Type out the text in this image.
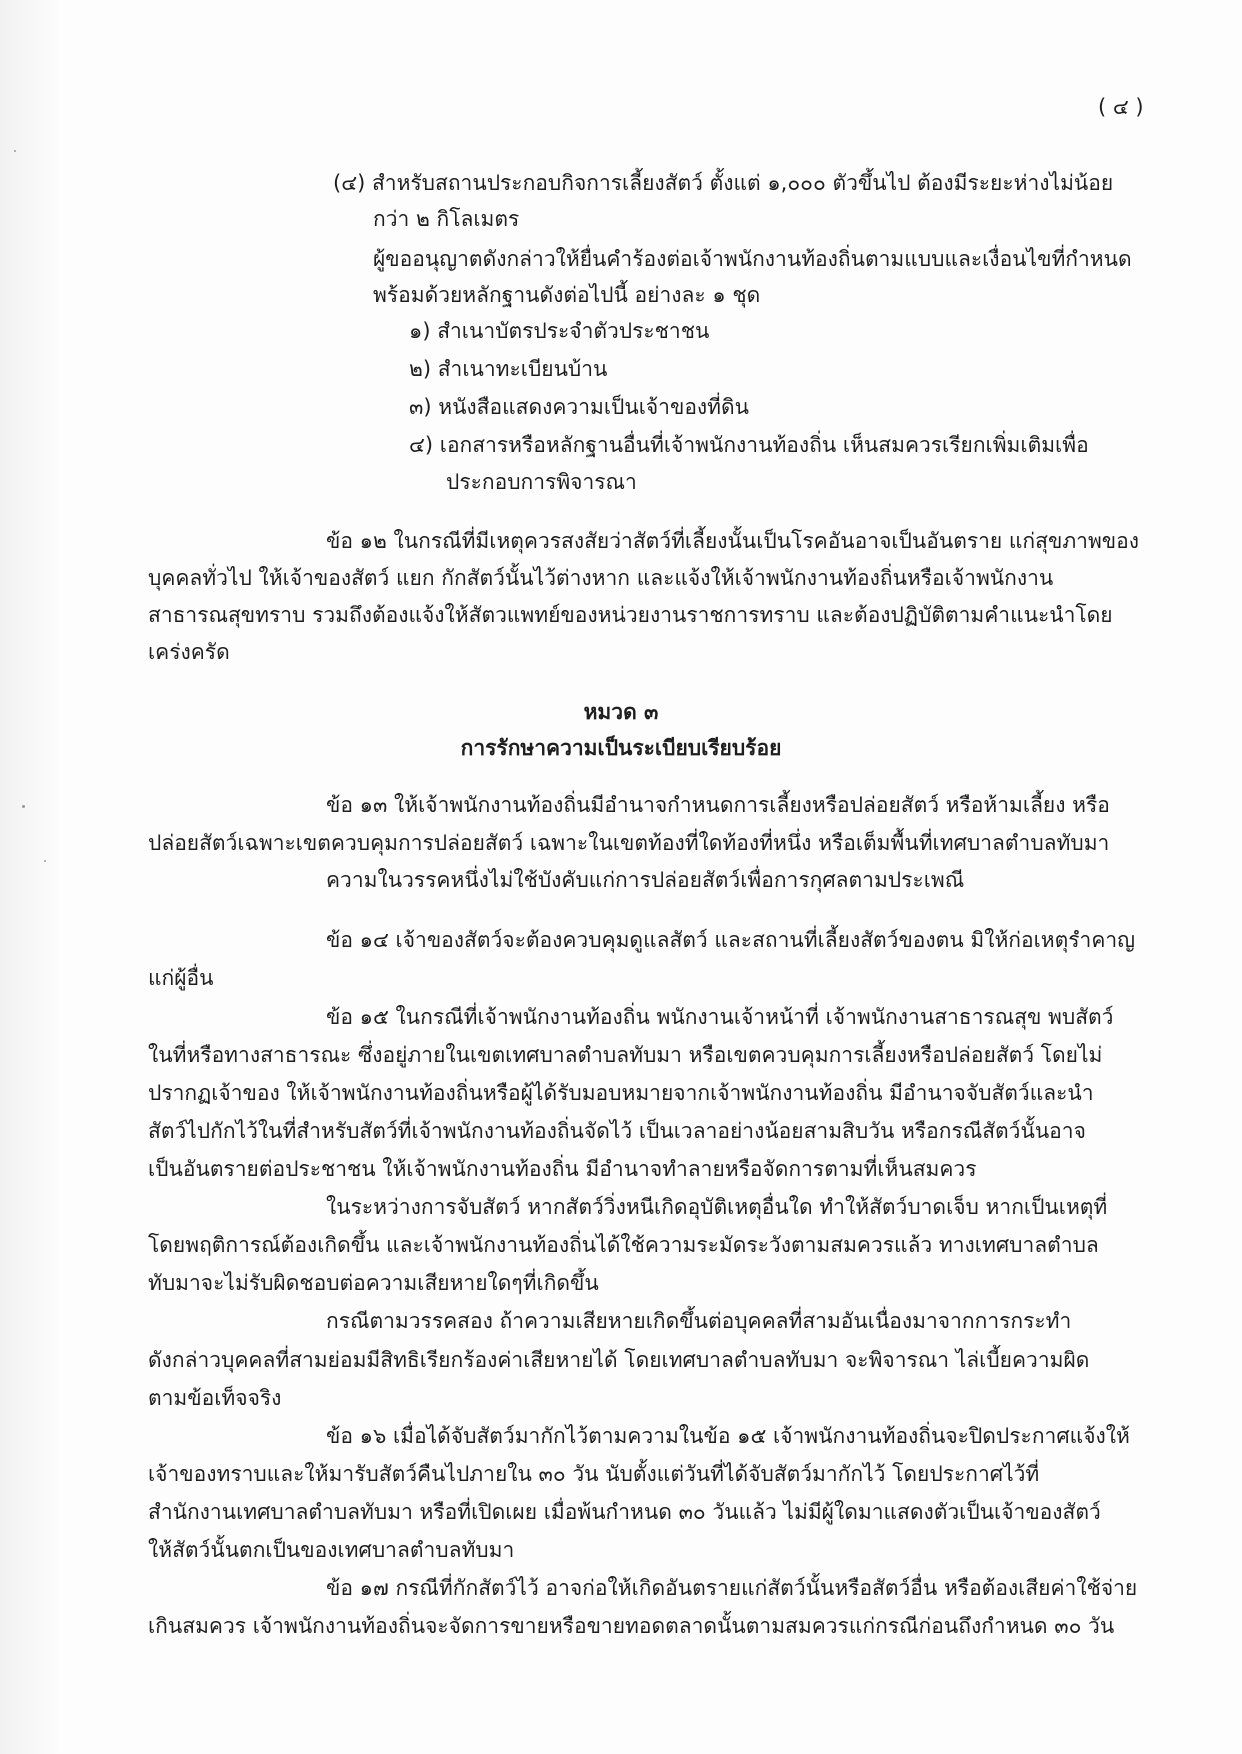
( ๔ )

(๔) สำหรับสถานประกอบกิจการเลี้ยงสัตว์ ตั้งแต่ ๑,๐๐๐ ตัวขึ้นไป ต้องมีระยะห่างไม่น้อย

กว่า ๒ กิโลเมตร

ผู้ขออนุญาตดังกล่าวให้ยื่นคำร้องต่อเจ้าพนักงานท้องถิ่นตามแบบและเงื่อนไขที่กำหนด

พร้อมด้วยหลักฐานดังต่อไปนี้ อย่างละ ๑ ชุด

๑) สำเนาบัตรประจำตัวประชาชน

๒) สำเนาทะเบียนบ้าน

๓) หนังสือแสดงความเป็นเจ้าของที่ดิน

๔) เอกสารหรือหลักฐานอื่นที่เจ้าพนักงานท้องถิ่น เห็นสมควรเรียกเพิ่มเติมเพื่อ

ประกอบการพิจารณา

ข้อ ๑๒ ในกรณีที่มีเหตุควรสงสัยว่าสัตว์ที่เลี้ยงนั้นเป็นโรคอันอาจเป็นอันตราย แก่สุขภาพของ

บุคคลทั่วไป ให้เจ้าของสัตว์ แยก กักสัตว์นั้นไว้ต่างหาก และแจ้งให้เจ้าพนักงานท้องถิ่นหรือเจ้าพนักงาน

สาธารณสุขทราบ รวมถึงต้องแจ้งให้สัตวแพทย์ของหน่วยงานราชการทราบ และต้องปฏิบัติตามคำแนะนำโดย

เคร่งครัด

หมวด ๓

การรักษาความเป็นระเบียบเรียบร้อย

ข้อ ๑๓ ให้เจ้าพนักงานท้องถิ่นมีอำนาจกำหนดการเลี้ยงหรือปล่อยสัตว์ หรือห้ามเลี้ยง หรือ

ปล่อยสัตว์เฉพาะเขตควบคุมการปล่อยสัตว์ เฉพาะในเขตท้องที่ใดท้องที่หนึ่ง หรือเต็มพื้นที่เทศบาลตำบลทับมา

ความในวรรคหนึ่งไม่ใช้บังคับแก่การปล่อยสัตว์เพื่อการกุศลตามประเพณี

ข้อ ๑๔ เจ้าของสัตว์จะต้องควบคุมดูแลสัตว์ และสถานที่เลี้ยงสัตว์ของตน มิให้ก่อเหตุรำคาญ

แก่ผู้อื่น

ข้อ ๑๕ ในกรณีที่เจ้าพนักงานท้องถิ่น พนักงานเจ้าหน้าที่ เจ้าพนักงานสาธารณสุข พบสัตว์

ในที่หรือทางสาธารณะ ซึ่งอยู่ภายในเขตเทศบาลตำบลทับมา หรือเขตควบคุมการเลี้ยงหรือปล่อยสัตว์ โดยไม่

ปรากฏเจ้าของ ให้เจ้าพนักงานท้องถิ่นหรือผู้ได้รับมอบหมายจากเจ้าพนักงานท้องถิ่น มีอำนาจจับสัตว์และนำ

สัตว์ไปกักไว้ในที่สำหรับสัตว์ที่เจ้าพนักงานท้องถิ่นจัดไว้ เป็นเวลาอย่างน้อยสามสิบวัน หรือกรณีสัตว์นั้นอาจ

เป็นอันตรายต่อประชาชน ให้เจ้าพนักงานท้องถิ่น มีอำนาจทำลายหรือจัดการตามที่เห็นสมควร

ในระหว่างการจับสัตว์ หากสัตว์วิ่งหนีเกิดอุบัติเหตุอื่นใด ทำให้สัตว์บาดเจ็บ หากเป็นเหตุที่

โดยพฤติการณ์ต้องเกิดขึ้น และเจ้าพนักงานท้องถิ่นได้ใช้ความระมัดระวังตามสมควรแล้ว ทางเทศบาลตำบล

ทับมาจะไม่รับผิดชอบต่อความเสียหายใดๆที่เกิดขึ้น

กรณีตามวรรคสอง ถ้าความเสียหายเกิดขึ้นต่อบุคคลที่สามอันเนื่องมาจากการกระทำ

ดังกล่าวบุคคลที่สามย่อมมีสิทธิเรียกร้องค่าเสียหายได้ โดยเทศบาลตำบลทับมา จะพิจารณา ไล่เบี้ยความผิด

ตามข้อเท็จจริง

ข้อ ๑๖ เมื่อได้จับสัตว์มากักไว้ตามความในข้อ ๑๕ เจ้าพนักงานท้องถิ่นจะปิดประกาศแจ้งให้

เจ้าของทราบและให้มารับสัตว์คืนไปภายใน ๓๐ วัน นับตั้งแต่วันที่ได้จับสัตว์มากักไว้ โดยประกาศไว้ที่

สำนักงานเทศบาลตำบลทับมา หรือที่เปิดเผย เมื่อพ้นกำหนด ๓๐ วันแล้ว ไม่มีผู้ใดมาแสดงตัวเป็นเจ้าของสัตว์

ให้สัตว์นั้นตกเป็นของเทศบาลตำบลทับมา

ข้อ ๑๗ กรณีที่กักสัตว์ไว้ อาจก่อให้เกิดอันตรายแก่สัตว์นั้นหรือสัตว์อื่น หรือต้องเสียค่าใช้จ่าย

เกินสมควร เจ้าพนักงานท้องถิ่นจะจัดการขายหรือขายทอดตลาดนั้นตามสมควรแก่กรณีก่อนถึงกำหนด ๓๐ วัน
